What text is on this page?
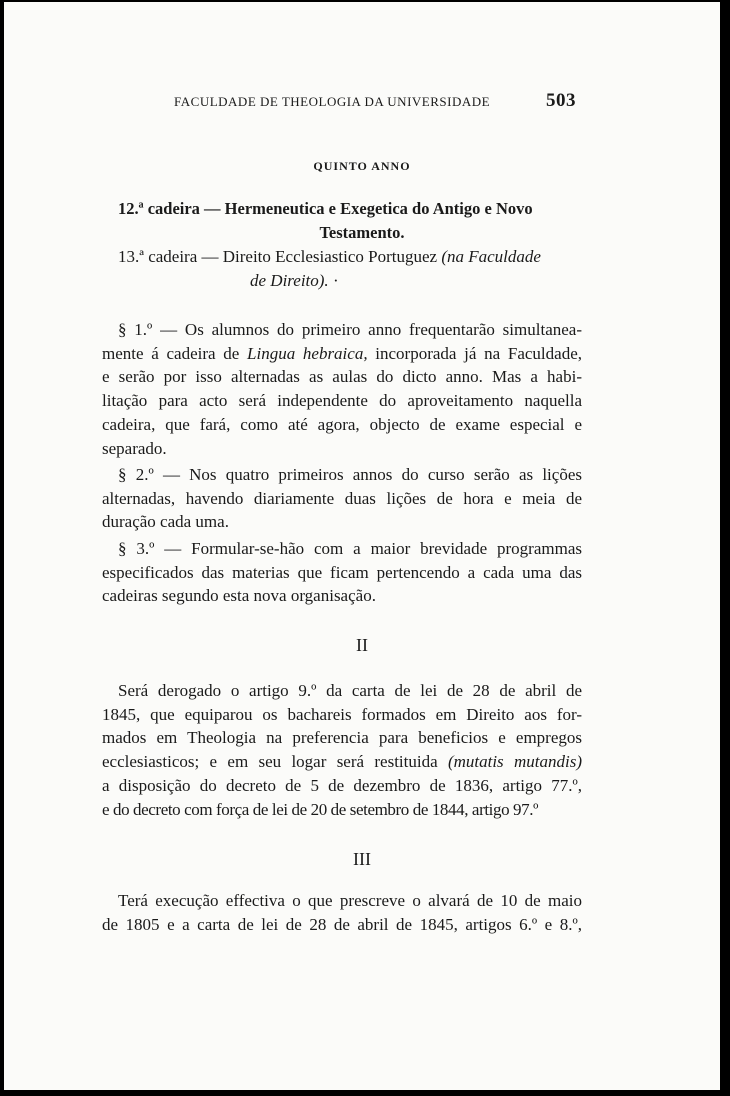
FACULDADE DE THEOLOGIA DA UNIVERSIDADE	503
QUINTO ANNO
12.ª cadeira — Hermeneutica e Exegetica do Antigo e Novo
Testamento.
13.ª cadeira — Direito Ecclesiastico Portuguez (na Faculdade
de Direito). ·
§ 1.º — Os alumnos do primeiro anno frequentarão simultanea-
mente á cadeira de Lingua hebraica, incorporada já na Faculdade,
e serão por isso alternadas as aulas do dicto anno. Mas a habi-
litação para acto será independente do aproveitamento naquella
cadeira, que fará, como até agora, objecto de exame especial e
separado.
§ 2.º — Nos quatro primeiros annos do curso serão as lições
alternadas, havendo diariamente duas lições de hora e meia de
duração cada uma.
§ 3.º — Formular-se-hão com a maior brevidade programmas
especificados das materias que ficam pertencendo a cada uma das
cadeiras segundo esta nova organisação.
II
Será derogado o artigo 9.º da carta de lei de 28 de abril de
1845, que equiparou os bachareis formados em Direito aos for-
mados em Theologia na preferencia para beneficios e empregos
ecclesiasticos; e em seu logar será restituida (mutatis mutandis)
a disposição do decreto de 5 de dezembro de 1836, artigo 77.º,
e do decreto com força de lei de 20 de setembro de 1844, artigo 97.º
III
Terá execução effectiva o que prescreve o alvará de 10 de maio
de 1805 e a carta de lei de 28 de abril de 1845, artigos 6.º e 8.º,
